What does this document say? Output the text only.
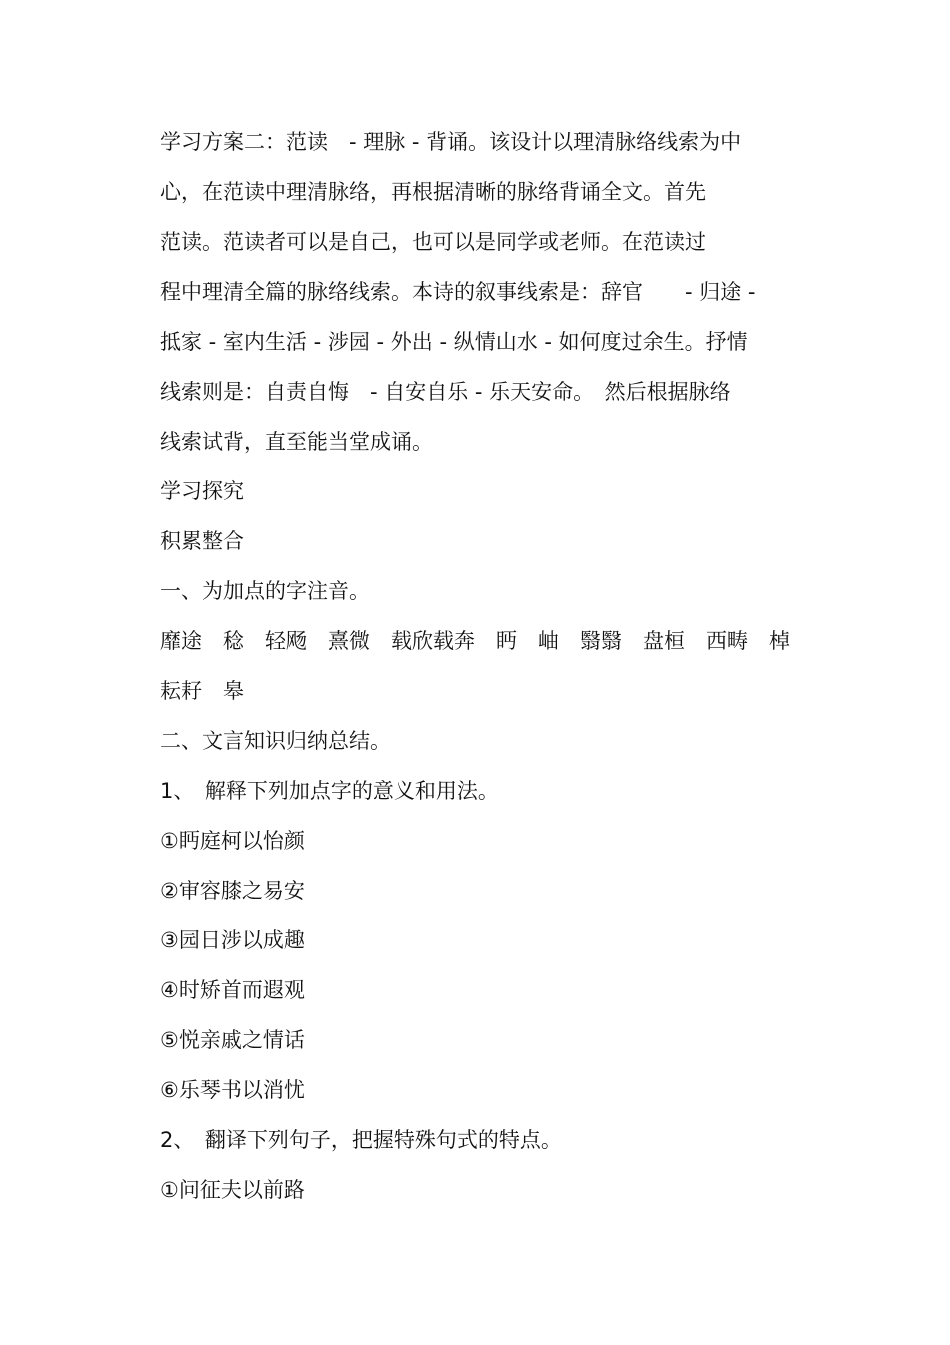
学习方案二：范读　- 理脉 - 背诵。该设计以理清脉络线索为中
心，在范读中理清脉络，再根据清晰的脉络背诵全文。首先
范读。范读者可以是自己，也可以是同学或老师。在范读过
程中理清全篇的脉络线索。本诗的叙事线索是：辞官　　- 归途 -
抵家 - 室内生活 - 涉园 - 外出 - 纵情山水 - 如何度过余生。抒情
线索则是：自责自悔　- 自安自乐 - 乐天安命。　然后根据脉络
线索试背，直至能当堂成诵。
学习探究
积累整合
一、为加点的字注音。
靡途　稔　轻飏　熹微　载欣载奔　眄　岫　翳翳　盘桓　西畴　棹
耘耔　皋
二、文言知识归纳总结。
1、　解释下列加点字的意义和用法。
①眄庭柯以怡颜
②审容膝之易安
③园日涉以成趣
④时矫首而遐观
⑤悦亲戚之情话
⑥乐琴书以消忧
2、　翻译下列句子，把握特殊句式的特点。
①问征夫以前路
